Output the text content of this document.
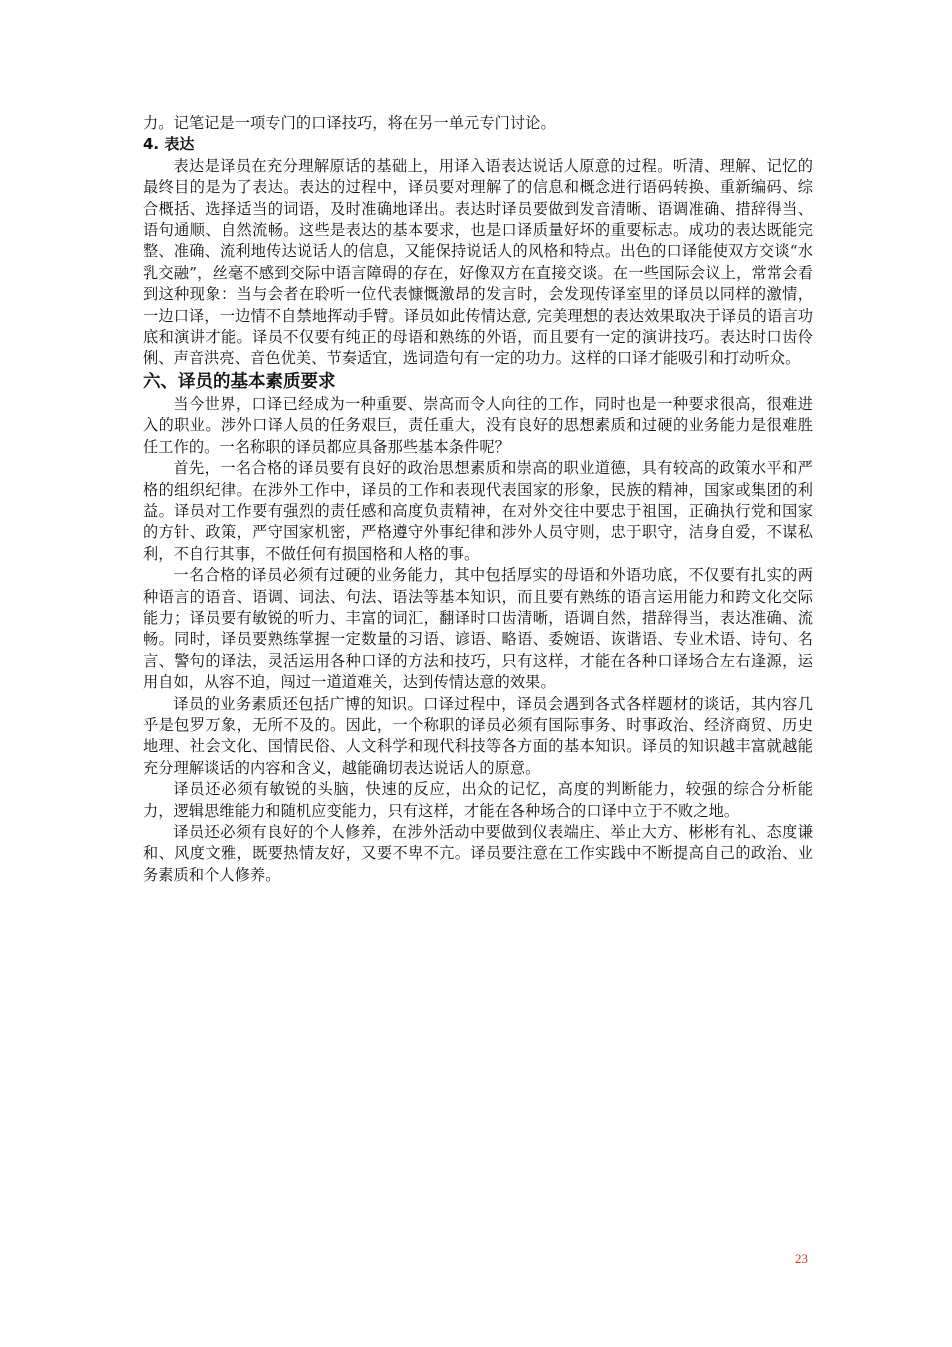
力。记笔记是一项专门的口译技巧，将在另一单元专门讨论。

4. 表达

表达是译员在充分理解原话的基础上，用译入语表达说话人原意的过程。听清、理解、记忆的最终目的是为了表达。表达的过程中，译员要对理解了的信息和概念进行语码转换、重新编码、综合概括、选择适当的词语，及时准确地译出。表达时译员要做到发音清晰、语调准确、措辞得当、语句通顺、自然流畅。这些是表达的基本要求，也是口译质量好坏的重要标志。成功的表达既能完整、准确、流利地传达说话人的信息，又能保持说话人的风格和特点。出色的口译能使双方交谈“水乳交融”，丝毫不感到交际中语言障碍的存在，好像双方在直接交谈。在一些国际会议上，常常会看到这种现象：当与会者在聆听一位代表慷慨激昂的发言时，会发现传译室里的译员以同样的激情，一边口译，一边情不自禁地挥动手臂。译员如此传情达意, 完美理想的表达效果取决于译员的语言功底和演讲才能。译员不仅要有纯正的母语和熟练的外语，而且要有一定的演讲技巧。表达时口齿伶俐、声音洪亮、音色优美、节奏适宜，选词造句有一定的功力。这样的口译才能吸引和打动听众。

六、译员的基本素质要求

当今世界，口译已经成为一种重要、崇高而令人向往的工作，同时也是一种要求很高，很难进入的职业。涉外口译人员的任务艰巨，责任重大，没有良好的思想素质和过硬的业务能力是很难胜任工作的。一名称职的译员都应具备那些基本条件呢？

首先，一名合格的译员要有良好的政治思想素质和崇高的职业道德，具有较高的政策水平和严格的组织纪律。在涉外工作中，译员的工作和表现代表国家的形象，民族的精神，国家或集团的利益。译员对工作要有强烈的责任感和高度负责精神，在对外交往中要忠于祖国，正确执行党和国家的方针、政策，严守国家机密，严格遵守外事纪律和涉外人员守则，忠于职守，洁身自爱，不谋私利，不自行其事，不做任何有损国格和人格的事。

一名合格的译员必须有过硬的业务能力，其中包括厚实的母语和外语功底，不仅要有扎实的两种语言的语音、语调、词法、句法、语法等基本知识，而且要有熟练的语言运用能力和跨文化交际能力；译员要有敏锐的听力、丰富的词汇，翻译时口齿清晰，语调自然，措辞得当，表达准确、流畅。同时，译员要熟练掌握一定数量的习语、谚语、略语、委婉语、诙谐语、专业术语、诗句、名言、警句的译法，灵活运用各种口译的方法和技巧，只有这样，才能在各种口译场合左右逢源，运用自如，从容不迫，闯过一道道难关，达到传情达意的效果。

译员的业务素质还包括广博的知识。口译过程中，译员会遇到各式各样题材的谈话，其内容几乎是包罗万象，无所不及的。因此，一个称职的译员必须有国际事务、时事政治、经济商贸、历史地理、社会文化、国情民俗、人文科学和现代科技等各方面的基本知识。译员的知识越丰富就越能充分理解谈话的内容和含义，越能确切表达说话人的原意。

译员还必须有敏锐的头脑，快速的反应，出众的记忆，高度的判断能力，较强的综合分析能力，逻辑思维能力和随机应变能力，只有这样，才能在各种场合的口译中立于不败之地。

译员还必须有良好的个人修养，在涉外活动中要做到仪表端庄、举止大方、彬彬有礼、态度谦和、风度文雅，既要热情友好，又要不卑不亢。译员要注意在工作实践中不断提高自己的政治、业务素质和个人修养。

23
